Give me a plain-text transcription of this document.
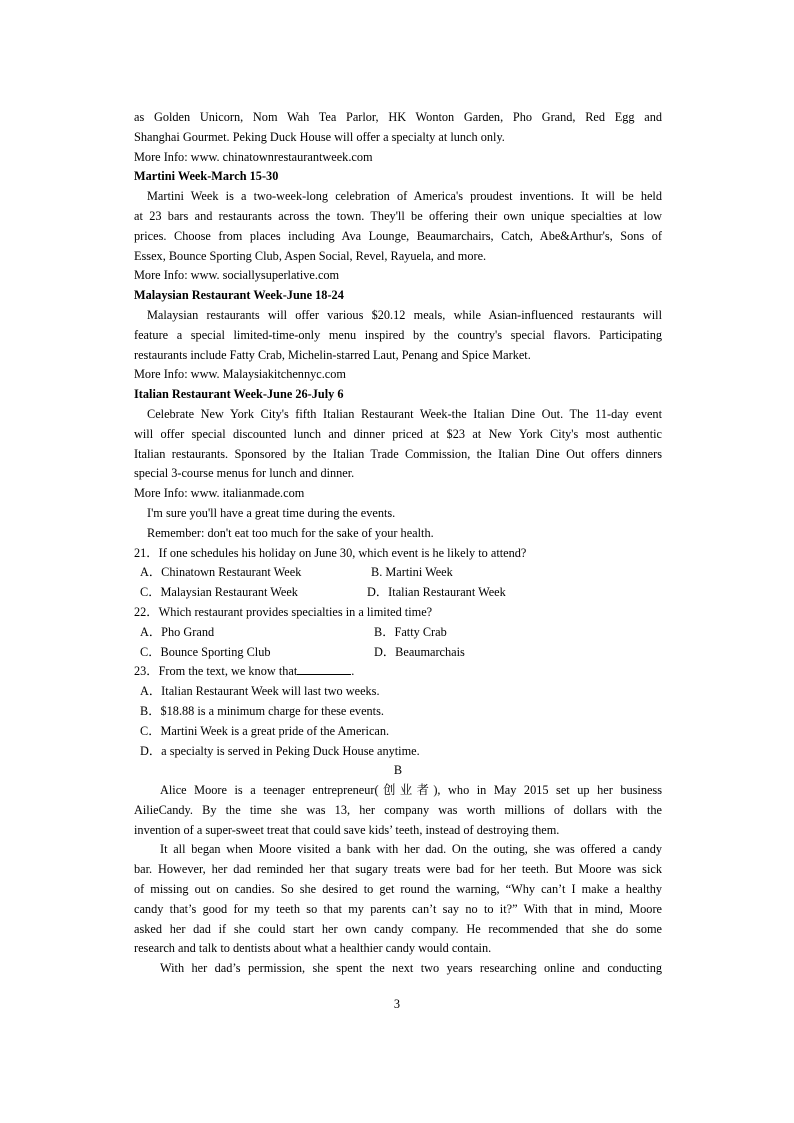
as Golden Unicorn, Nom Wah Tea Parlor, HK Wonton Garden, Pho Grand, Red Egg and
Shanghai Gourmet. Peking Duck House will offer a specialty at lunch only.
More Info: www. chinatownrestaurantweek.com
Martini Week-March 15-30
Martini Week is a two-week-long celebration of America's proudest inventions. It will be held
at 23 bars and restaurants across the town. They'll be offering their own unique specialties at low
prices. Choose from places including Ava Lounge, Beaumarchairs, Catch, Abe&Arthur's, Sons of
Essex, Bounce Sporting Club, Aspen Social, Revel, Rayuela, and more.
More Info: www. sociallysuperlative.com
Malaysian Restaurant Week-June 18-24
Malaysian restaurants will offer various $20.12 meals, while Asian-influenced restaurants will
feature a special limited-time-only menu inspired by the country's special flavors. Participating
restaurants include Fatty Crab, Michelin-starred Laut, Penang and Spice Market.
More Info: www. Malaysiakitchennyc.com
Italian Restaurant Week-June 26-July 6
Celebrate New York City's fifth Italian Restaurant Week-the Italian Dine Out. The 11-day event
will offer special discounted lunch and dinner priced at $23 at New York City's most authentic
Italian restaurants. Sponsored by the Italian Trade Commission, the Italian Dine Out offers dinners
special 3-course menus for lunch and dinner.
More Info: www. italianmade.com
I'm sure you'll have a great time during the events.
Remember: don't eat too much for the sake of your health.
21．If one schedules his holiday on June 30, which event is he likely to attend?
A．Chinatown Restaurant Week	B. Martini Week
C．Malaysian Restaurant Week	D．Italian Restaurant Week
22．Which restaurant provides specialties in a limited time?
A．Pho Grand	B．Fatty Crab
C．Bounce Sporting Club	D．Beaumarchais
23．From the text, we know that	.
A．Italian Restaurant Week will last two weeks.
B．$18.88 is a minimum charge for these events.
C．Martini Week is a great pride of the American.
D．a specialty is served in Peking Duck House anytime.
B
Alice Moore is a teenager entrepreneur(创业者), who in May 2015 set up her business
AilieCandy. By the time she was 13, her company was worth millions of dollars with the
invention of a super-sweet treat that could save kids’ teeth, instead of destroying them.
It all began when Moore visited a bank with her dad. On the outing, she was offered a candy
bar. However, her dad reminded her that sugary treats were bad for her teeth. But Moore was sick
of missing out on candies. So she desired to get round the warning, “Why can’t I make a healthy
candy that’s good for my teeth so that my parents can’t say no to it?” With that in mind, Moore
asked her dad if she could start her own candy company. He recommended that she do some
research and talk to dentists about what a healthier candy would contain.
With her dad’s permission, she spent the next two years researching online and conducting
3
